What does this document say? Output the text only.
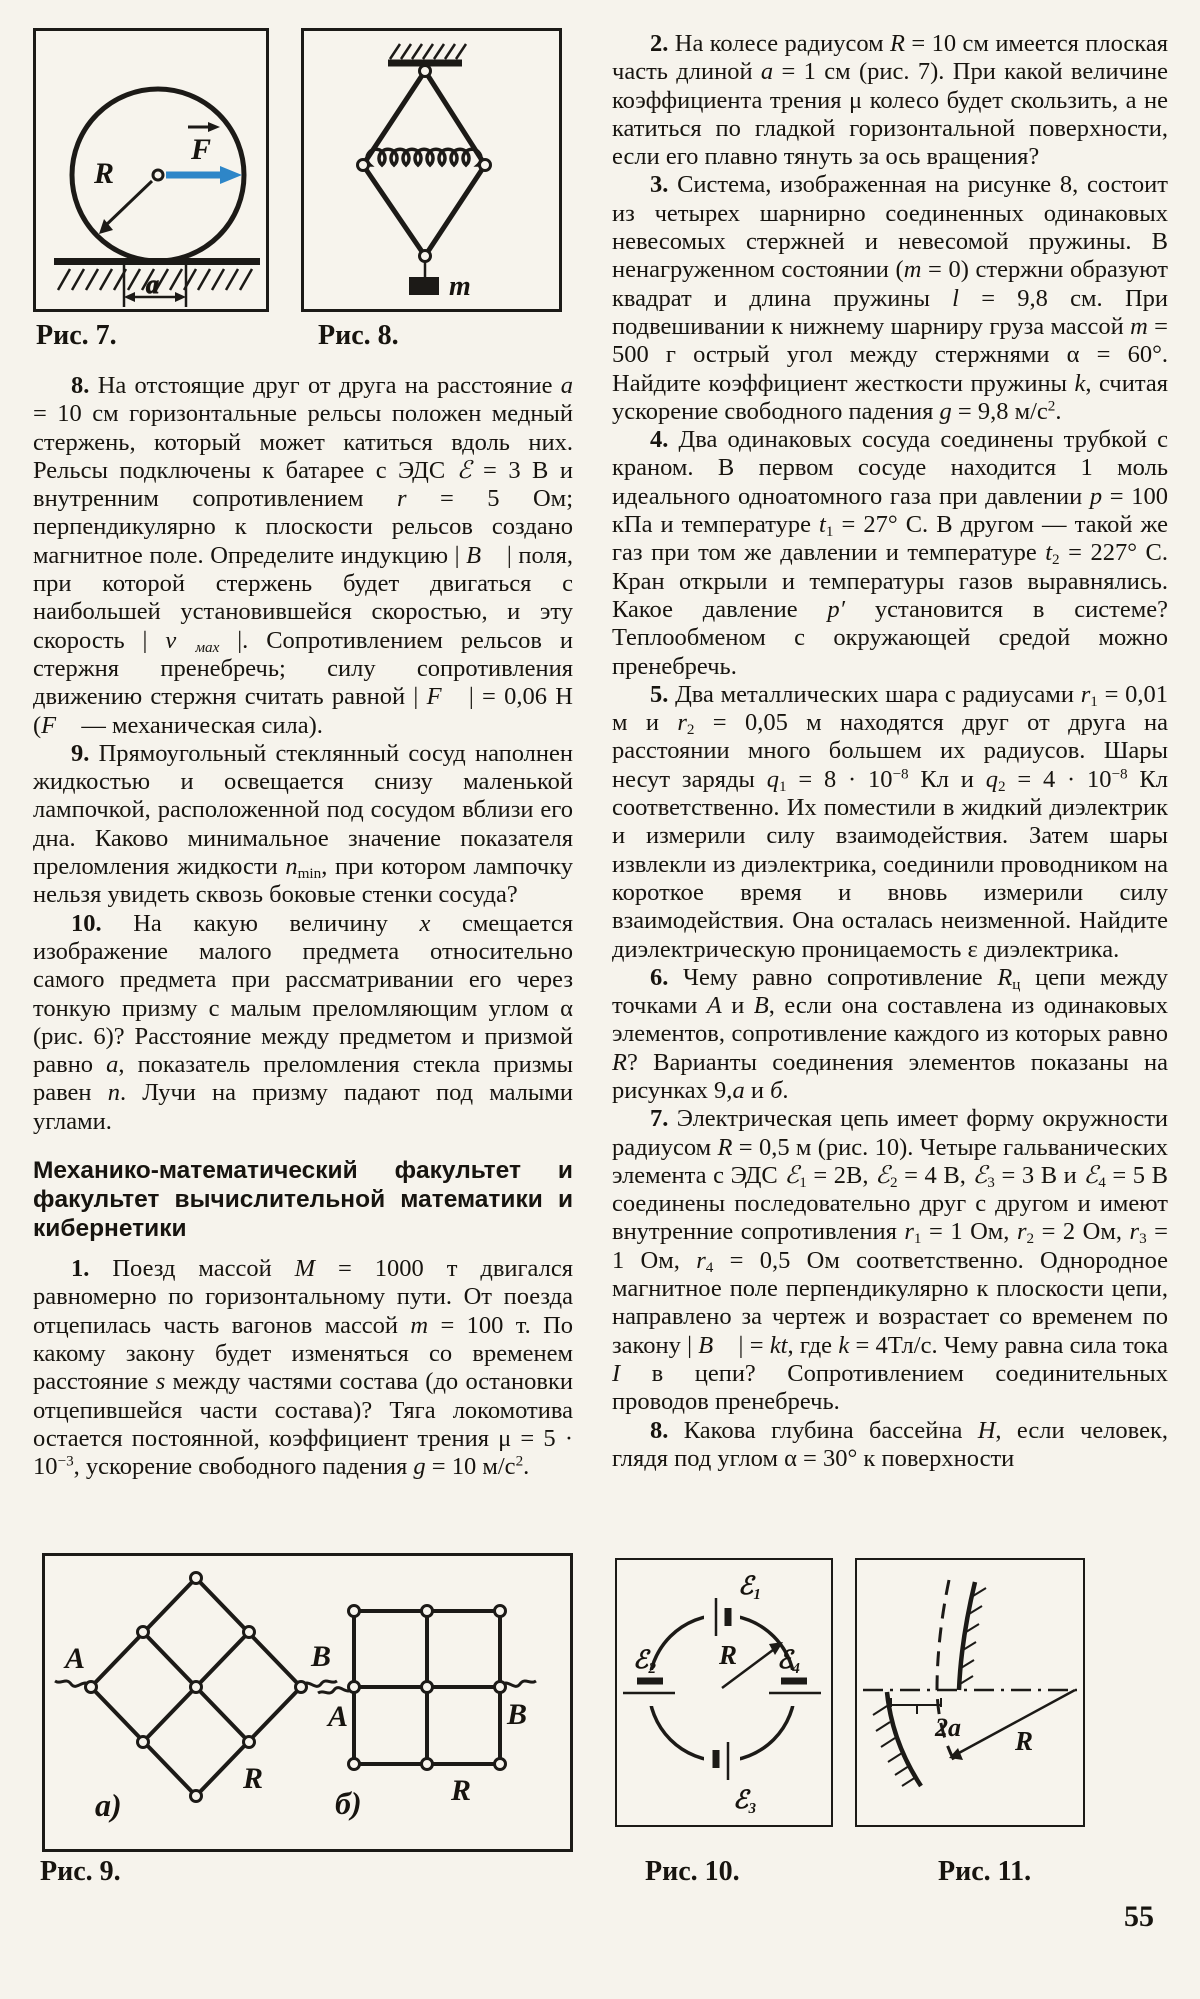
F
R
a	m
Рис. 7.	Рис. 8.

8. На отстоящие друг от друга на расстояние a = 10 см горизонтальные рельсы положен медный стержень, который может катиться вдоль них. Рельсы подключены к батарее с ЭДС ℰ = 3 В и внутренним сопротивлением r = 5 Ом; перпендикулярно к плоскости рельсов создано магнитное поле. Определите индукцию | B⃗ | поля, при которой стержень будет двигаться с наибольшей установившейся скоростью, и эту скорость | $v⃗_{мах}$ |. Сопротивлением рельсов и стержня пренебречь; силу сопротивления движению стержня считать равной | F⃗ | = 0,06 Н (F⃗ — механическая сила).

9. Прямоугольный стеклянный сосуд наполнен жидкостью и освещается снизу маленькой лампочкой, расположенной под сосудом вблизи его дна. Каково минимальное значение показателя преломления жидкости $n_{min}$, при котором лампочку нельзя увидеть сквозь боковые стенки сосуда?

10. На какую величину x смещается изображение малого предмета относительно самого предмета при рассматривании его через тонкую призму с малым преломляющим углом α (рис. 6)? Расстояние между предметом и призмой равно a, показатель преломления стекла призмы равен n. Лучи на призму падают под малыми углами.

Механико-математический факультет и факультет вычислительной математики и кибернетики

1. Поезд массой M = 1000 т двигался равномерно по горизонтальному пути. От поезда отцепилась часть вагонов массой m = 100 т. По какому закону будет изменяться со временем расстояние s между частями состава (до остановки отцепившейся части состава)? Тяга локомотива остается постоянной, коэффициент трения $\mu = 5 \cdot 10^{-3}$, ускорение свободного падения g = 10 $м/с^2$.

2. На колесе радиусом R = 10 см имеется плоская часть длиной a = 1 см (рис. 7). При какой величине коэффициента трения μ колесо будет скользить, а не катиться по гладкой горизонтальной поверхности, если его плавно тянуть за ось вращения?

3. Система, изображенная на рисунке 8, состоит из четырех шарнирно соединенных одинаковых невесомых стержней и невесомой пружины. В ненагруженном состоянии (m = 0) стержни образуют квадрат и длина пружины l = 9,8 см. При подвешивании к нижнему шарниру груза массой m = 500 г острый угол между стержнями α = 60°. Найдите коэффициент жесткости пружины k, считая ускорение свободного падения g = 9,8 $м/с^2$.

4. Два одинаковых сосуда соединены трубкой с краном. В первом сосуде находится 1 моль идеального одноатомного газа при давлении p = 100 кПа и температуре $t_1 = 27^\circ$ C. В другом — такой же газ при том же давлении и температуре $t_2 = 227^\circ$ C. Кран открыли и температуры газов выравнялись. Какое давление p′ установится в системе? Теплообменом с окружающей средой можно пренебречь.

5. Два металлических шара с радиусами $r_1 = 0,01$ м и $r_2 = 0,05$ м находятся друг от друга на расстоянии много большем их радиусов. Шары несут заряды $q_1 = 8 \cdot 10^{-8}$ Кл и $q_2 = 4 \cdot 10^{-8}$ Кл соответственно. Их поместили в жидкий диэлектрик и измерили силу взаимодействия. Затем шары извлекли из диэлектрика, соединили проводником на короткое время и вновь измерили силу взаимодействия. Она осталась неизменной. Найдите диэлектрическую проницаемость ε диэлектрика.

6. Чему равно сопротивление $R_ц$ цепи между точками A и B, если она составлена из одинаковых элементов, сопротивление каждого из которых равно R? Варианты соединения элементов показаны на рисунках 9,а и б.

7. Электрическая цепь имеет форму окружности радиусом R = 0,5 м (рис. 10). Четыре гальванических элемента с ЭДС ℰ$_1$ = 2В, ℰ$_2$ = 4 В, ℰ$_3$ = 3 В и ℰ$_4$ = 5 В соединены последовательно друг с другом и имеют внутренние сопротивления $r_1 = 1$ Ом, $r_2 = 2$ Ом, $r_3 = 1$ Ом, $r_4 = 0,5$ Ом соответственно. Однородное магнитное поле перпендикулярно к плоскости цепи, направлено за чертеж и возрастает со временем по закону | B⃗ | = kt, где k = 4Тл/с. Чему равна сила тока I в цепи? Сопротивлением соединительных проводов пренебречь.

8. Какова глубина бассейна H, если человек, глядя под углом α = 30° к поверхности

A	B
R
а)
A	B
R
б)
R
ℰ₁
ℰ₂	ℰ₄
ℰ₃
2a R
Рис. 9.	Рис. 10.	Рис. 11.
55
